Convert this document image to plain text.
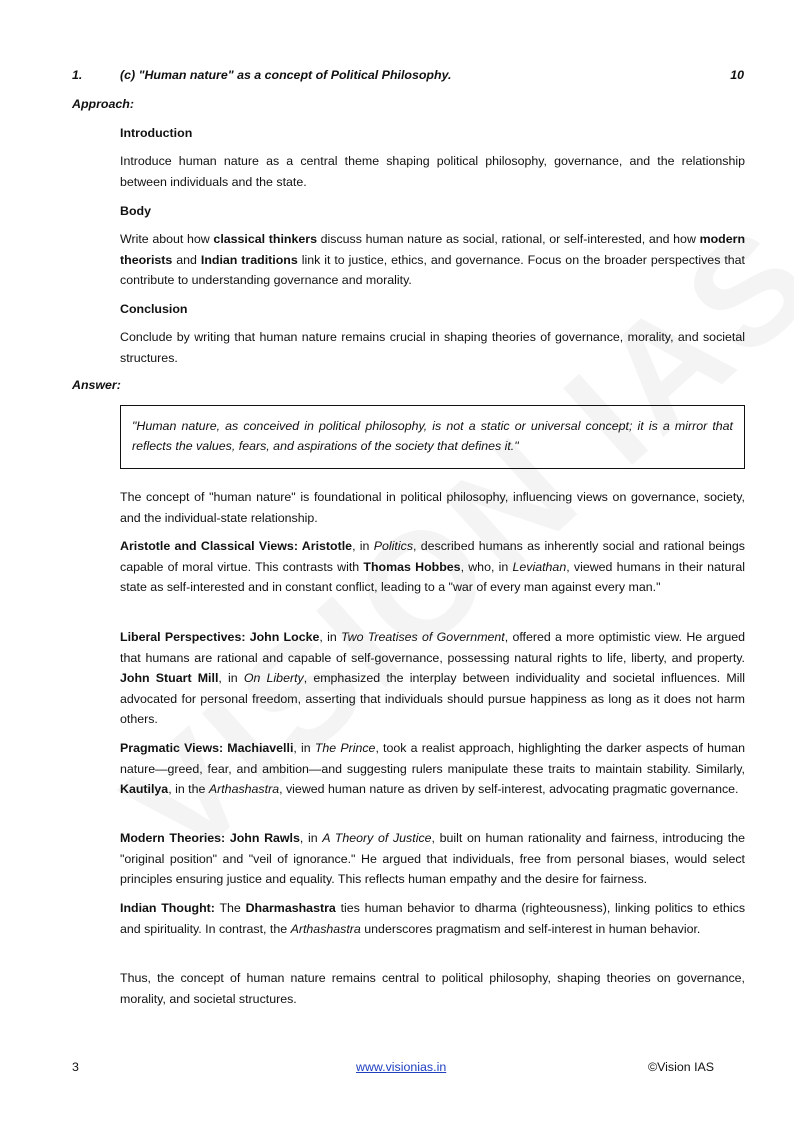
1.	(c) "Human nature" as a concept of Political Philosophy.	10
Approach:
Introduction

Introduce human nature as a central theme shaping political philosophy, governance, and the relationship between individuals and the state.

Body

Write about how classical thinkers discuss human nature as social, rational, or self-interested, and how modern theorists and Indian traditions link it to justice, ethics, and governance. Focus on the broader perspectives that contribute to understanding governance and morality.

Conclusion

Conclude by writing that human nature remains crucial in shaping theories of governance, morality, and societal structures.

Answer:

"Human nature, as conceived in political philosophy, is not a static or universal concept; it is a mirror that reflects the values, fears, and aspirations of the society that defines it."

The concept of "human nature" is foundational in political philosophy, influencing views on governance, society, and the individual-state relationship.

Aristotle and Classical Views: Aristotle, in Politics, described humans as inherently social and rational beings capable of moral virtue. This contrasts with Thomas Hobbes, who, in Leviathan, viewed humans in their natural state as self-interested and in constant conflict, leading to a "war of every man against every man."

Liberal Perspectives: John Locke, in Two Treatises of Government, offered a more optimistic view. He argued that humans are rational and capable of self-governance, possessing natural rights to life, liberty, and property. John Stuart Mill, in On Liberty, emphasized the interplay between individuality and societal influences. Mill advocated for personal freedom, asserting that individuals should pursue happiness as long as it does not harm others.

Pragmatic Views: Machiavelli, in The Prince, took a realist approach, highlighting the darker aspects of human nature—greed, fear, and ambition—and suggesting rulers manipulate these traits to maintain stability. Similarly, Kautilya, in the Arthashastra, viewed human nature as driven by self-interest, advocating pragmatic governance.

Modern Theories: John Rawls, in A Theory of Justice, built on human rationality and fairness, introducing the "original position" and "veil of ignorance." He argued that individuals, free from personal biases, would select principles ensuring justice and equality. This reflects human empathy and the desire for fairness.

Indian Thought: The Dharmashastra ties human behavior to dharma (righteousness), linking politics to ethics and spirituality. In contrast, the Arthashastra underscores pragmatism and self-interest in human behavior.

Thus, the concept of human nature remains central to political philosophy, shaping theories on governance, morality, and societal structures.

3	www.visionias.in	©Vision IAS
